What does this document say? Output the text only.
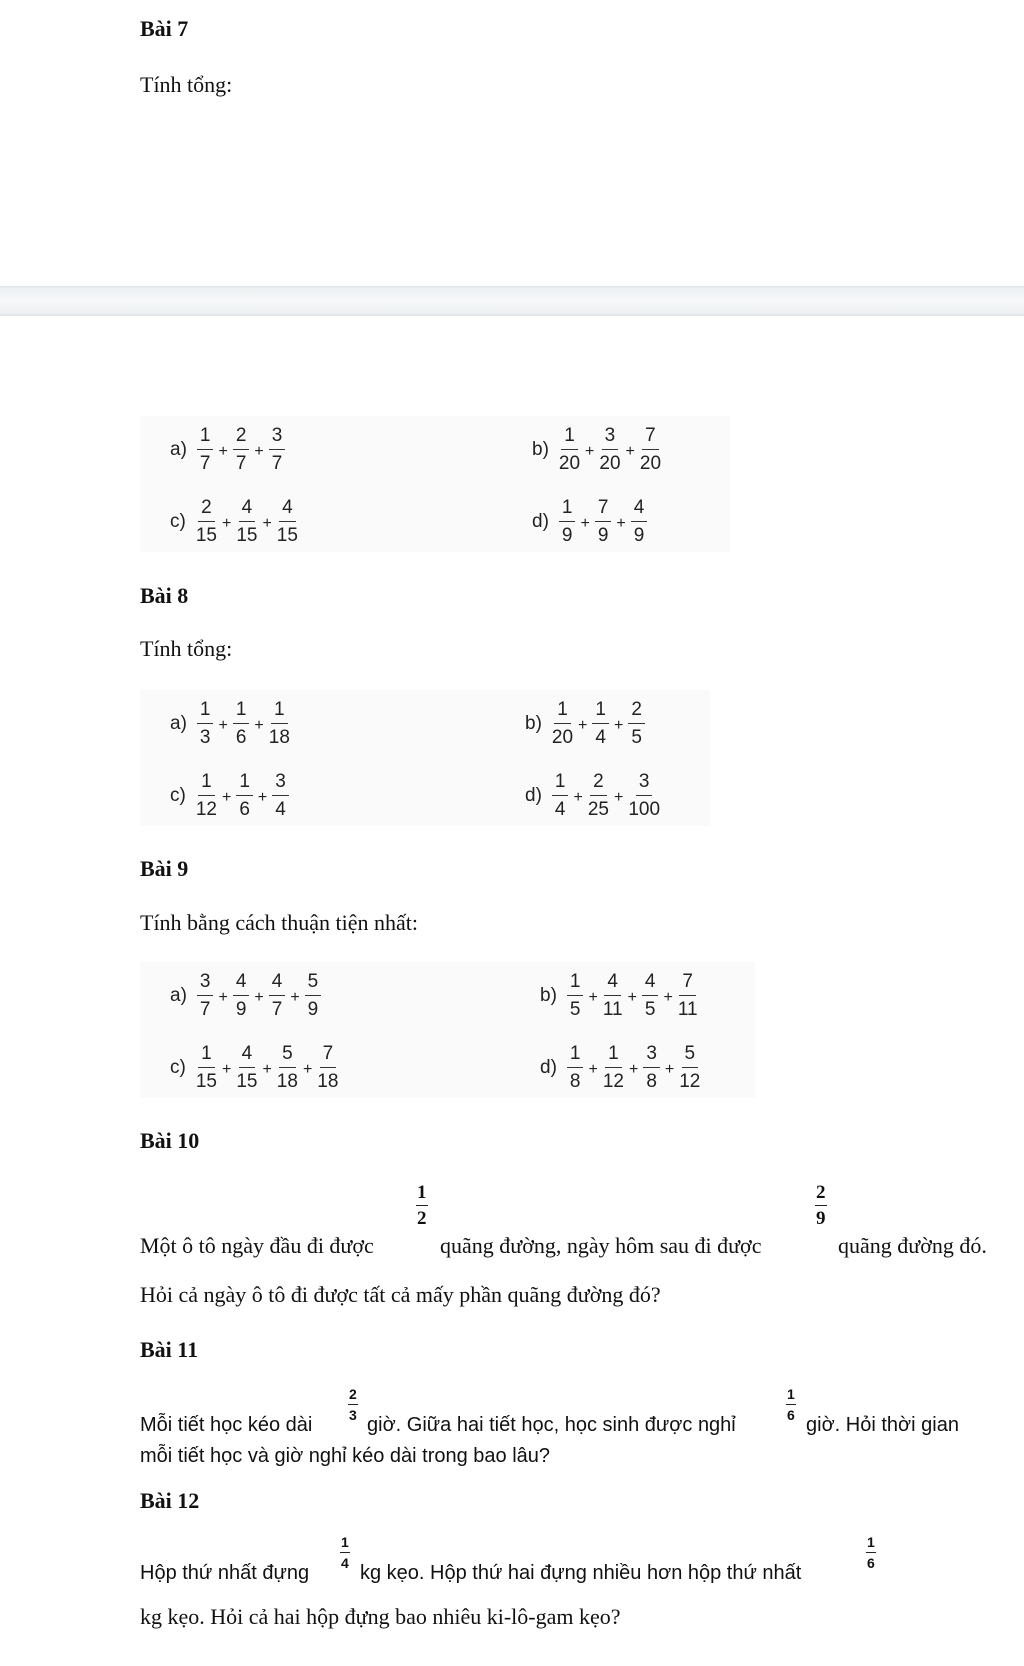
Bài 7
Tính tổng:
$a) \frac{1}{7} + \frac{2}{7} + \frac{3}{7}$	$b) \frac{1}{20} + \frac{3}{20} + \frac{7}{20}$
$c) \frac{2}{15} + \frac{4}{15} + \frac{4}{15}$	$d) \frac{1}{9} + \frac{7}{9} + \frac{4}{9}$
Bài 8
Tính tổng:
$a) \frac{1}{3} + \frac{1}{6} + \frac{1}{18}$	$b) \frac{1}{20} + \frac{1}{4} + \frac{2}{5}$
$c) \frac{1}{12} + \frac{1}{6} + \frac{3}{4}$	$d) \frac{1}{4} + \frac{2}{25} + \frac{3}{100}$
Bài 9
Tính bằng cách thuận tiện nhất:
$a) \frac{3}{7} + \frac{4}{9} + \frac{4}{7} + \frac{5}{9}$	$b) \frac{1}{5} + \frac{4}{11} + \frac{4}{5} + \frac{7}{11}$
$c) \frac{1}{15} + \frac{4}{15} + \frac{5}{18} + \frac{7}{18}$	$d) \frac{1}{8} + \frac{1}{12} + \frac{3}{8} + \frac{5}{12}$
Bài 10
Một ô tô ngày đầu đi được
$\frac{1}{2}$
quãng đường, ngày hôm sau đi được
$\frac{2}{9}$
quãng đường đó.
Hỏi cả ngày ô tô đi được tất cả mấy phần quãng đường đó?
Bài 11
Mỗi tiết học kéo dài
$\frac{2}{3}$
giờ. Giữa hai tiết học, học sinh được nghỉ
$\frac{1}{6}$
giờ. Hỏi thời gian
mỗi tiết học và giờ nghỉ kéo dài trong bao lâu?
Bài 12
Hộp thứ nhất đựng
$\frac{1}{4}$
kg kẹo. Hộp thứ hai đựng nhiều hơn hộp thứ nhất
$\frac{1}{6}$
kg kẹo. Hỏi cả hai hộp đựng bao nhiêu ki-lô-gam kẹo?
